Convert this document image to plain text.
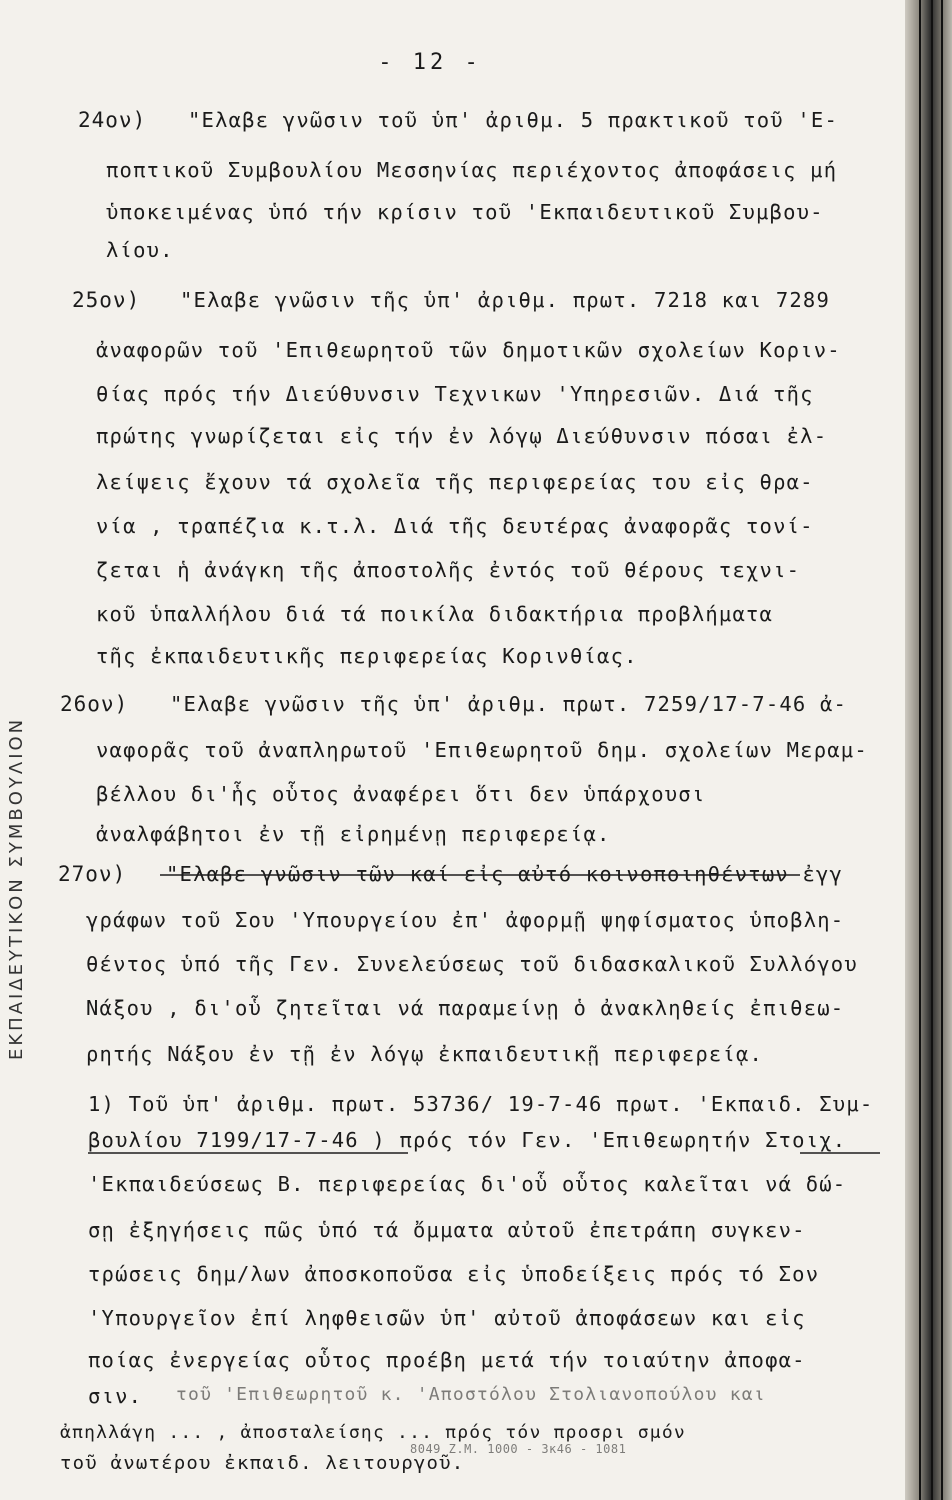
ΕΚΠΑΙΔΕΥΤΙΚΟΝ ΣΥΜΒΟΥΛΙΟΝ
- 12 -
24ον) "Ελαβε γνῶσιν τοῦ ὑπ' ἀριθμ. 5 πρακτικοῦ τοῦ 'Ε-
ποπτικοῦ Συμβουλίου Μεσσηνίας περιέχοντος ἀποφάσεις μή
ὑποκειμένας ὑπό τήν κρίσιν τοῦ 'Εκπαιδευτικοῦ Συμβου-
λίου.
25ον) "Ελαβε γνῶσιν τῆς ὑπ' ἀριθμ. πρωτ. 7218 και 7289
ἀναφορῶν τοῦ 'Επιθεωρητοῦ τῶν δημοτικῶν σχολείων Κοριν-
θίας πρός τήν Διεύθυνσιν Τεχνικων 'Υπηρεσιῶν. Διά τῆς
πρώτης γνωρίζεται εἰς τήν ἐν λόγῳ Διεύθυνσιν πόσαι ἐλ-
λείψεις ἔχουν τά σχολεῖα τῆς περιφερείας του εἰς θρα-
νία , τραπέζια κ.τ.λ. Διά τῆς δευτέρας ἀναφορᾶς τονί-
ζεται ἡ ἀνάγκη τῆς ἀποστολῆς ἐντός τοῦ θέρους τεχνι-
κοῦ ὑπαλλήλου διά τά ποικίλα διδακτήρια προβλήματα
τῆς ἐκπαιδευτικῆς περιφερείας Κορινθίας.
26ον) "Ελαβε γνῶσιν τῆς ὑπ' ἀριθμ. πρωτ. 7259/17-7-46 ἀ-
ναφορᾶς τοῦ ἀναπληρωτοῦ 'Επιθεωρητοῦ δημ. σχολείων Μεραμ-
βέλλου δι'ἧς οὗτος ἀναφέρει ὅτι δεν ὑπάρχουσι
ἀναλφάβητοι ἐν τῇ εἰρημένῃ περιφερείᾳ.
27ον) "Ελαβε γνῶσιν τῶν καί εἰς αὐτό κοινοποιηθέντων ἐγγ
γράφων τοῦ Σου 'Υπουργείου ἐπ' ἀφορμῇ ψηφίσματος ὑποβλη-
θέντος ὑπό τῆς Γεν. Συνελεύσεως τοῦ διδασκαλικοῦ Συλλόγου
Νάξου , δι'οὗ ζητεῖται νά παραμείνῃ ὁ ἀνακληθείς ἐπιθεω-
ρητής Νάξου ἐν τῇ ἐν λόγῳ ἐκπαιδευτικῇ περιφερείᾳ.
1) Τοῦ ὑπ' ἀριθμ. πρωτ. 53736/ 19-7-46 πρωτ. 'Εκπαιδ. Συμ-
βουλίου 7199/17-7-46 ) πρός τόν Γεν. 'Επιθεωρητήν Στοιχ.
'Εκπαιδεύσεως Β. περιφερείας δι'οὗ οὗτος καλεῖται νά δώ-
σῃ ἐξηγήσεις πῶς ὑπό τά ὄμματα αὐτοῦ ἐπετράπη συγκεν-
τρώσεις δημ/λων ἀποσκοποῦσα εἰς ὑποδείξεις πρός τό Σον
'Υπουργεῖον ἐπί ληφθεισῶν ὑπ' αὐτοῦ ἀποφάσεων και εἰς
ποίας ἐνεργείας οὗτος προέβη μετά τήν τοιαύτην ἀποφα-
σιν. τοῦ 'Επιθεωρητοῦ κ. 'Αποστόλου Στολιανοπούλου και
ἀπηλλάγη ... , ἀποσταλείσης ... πρός τόν προσρι σμόν
τοῦ ἀνωτέρου ἐκπαιδ. λειτουργοῦ.
8049 Ζ.Μ. 1000 - 3κ46 - 1081
